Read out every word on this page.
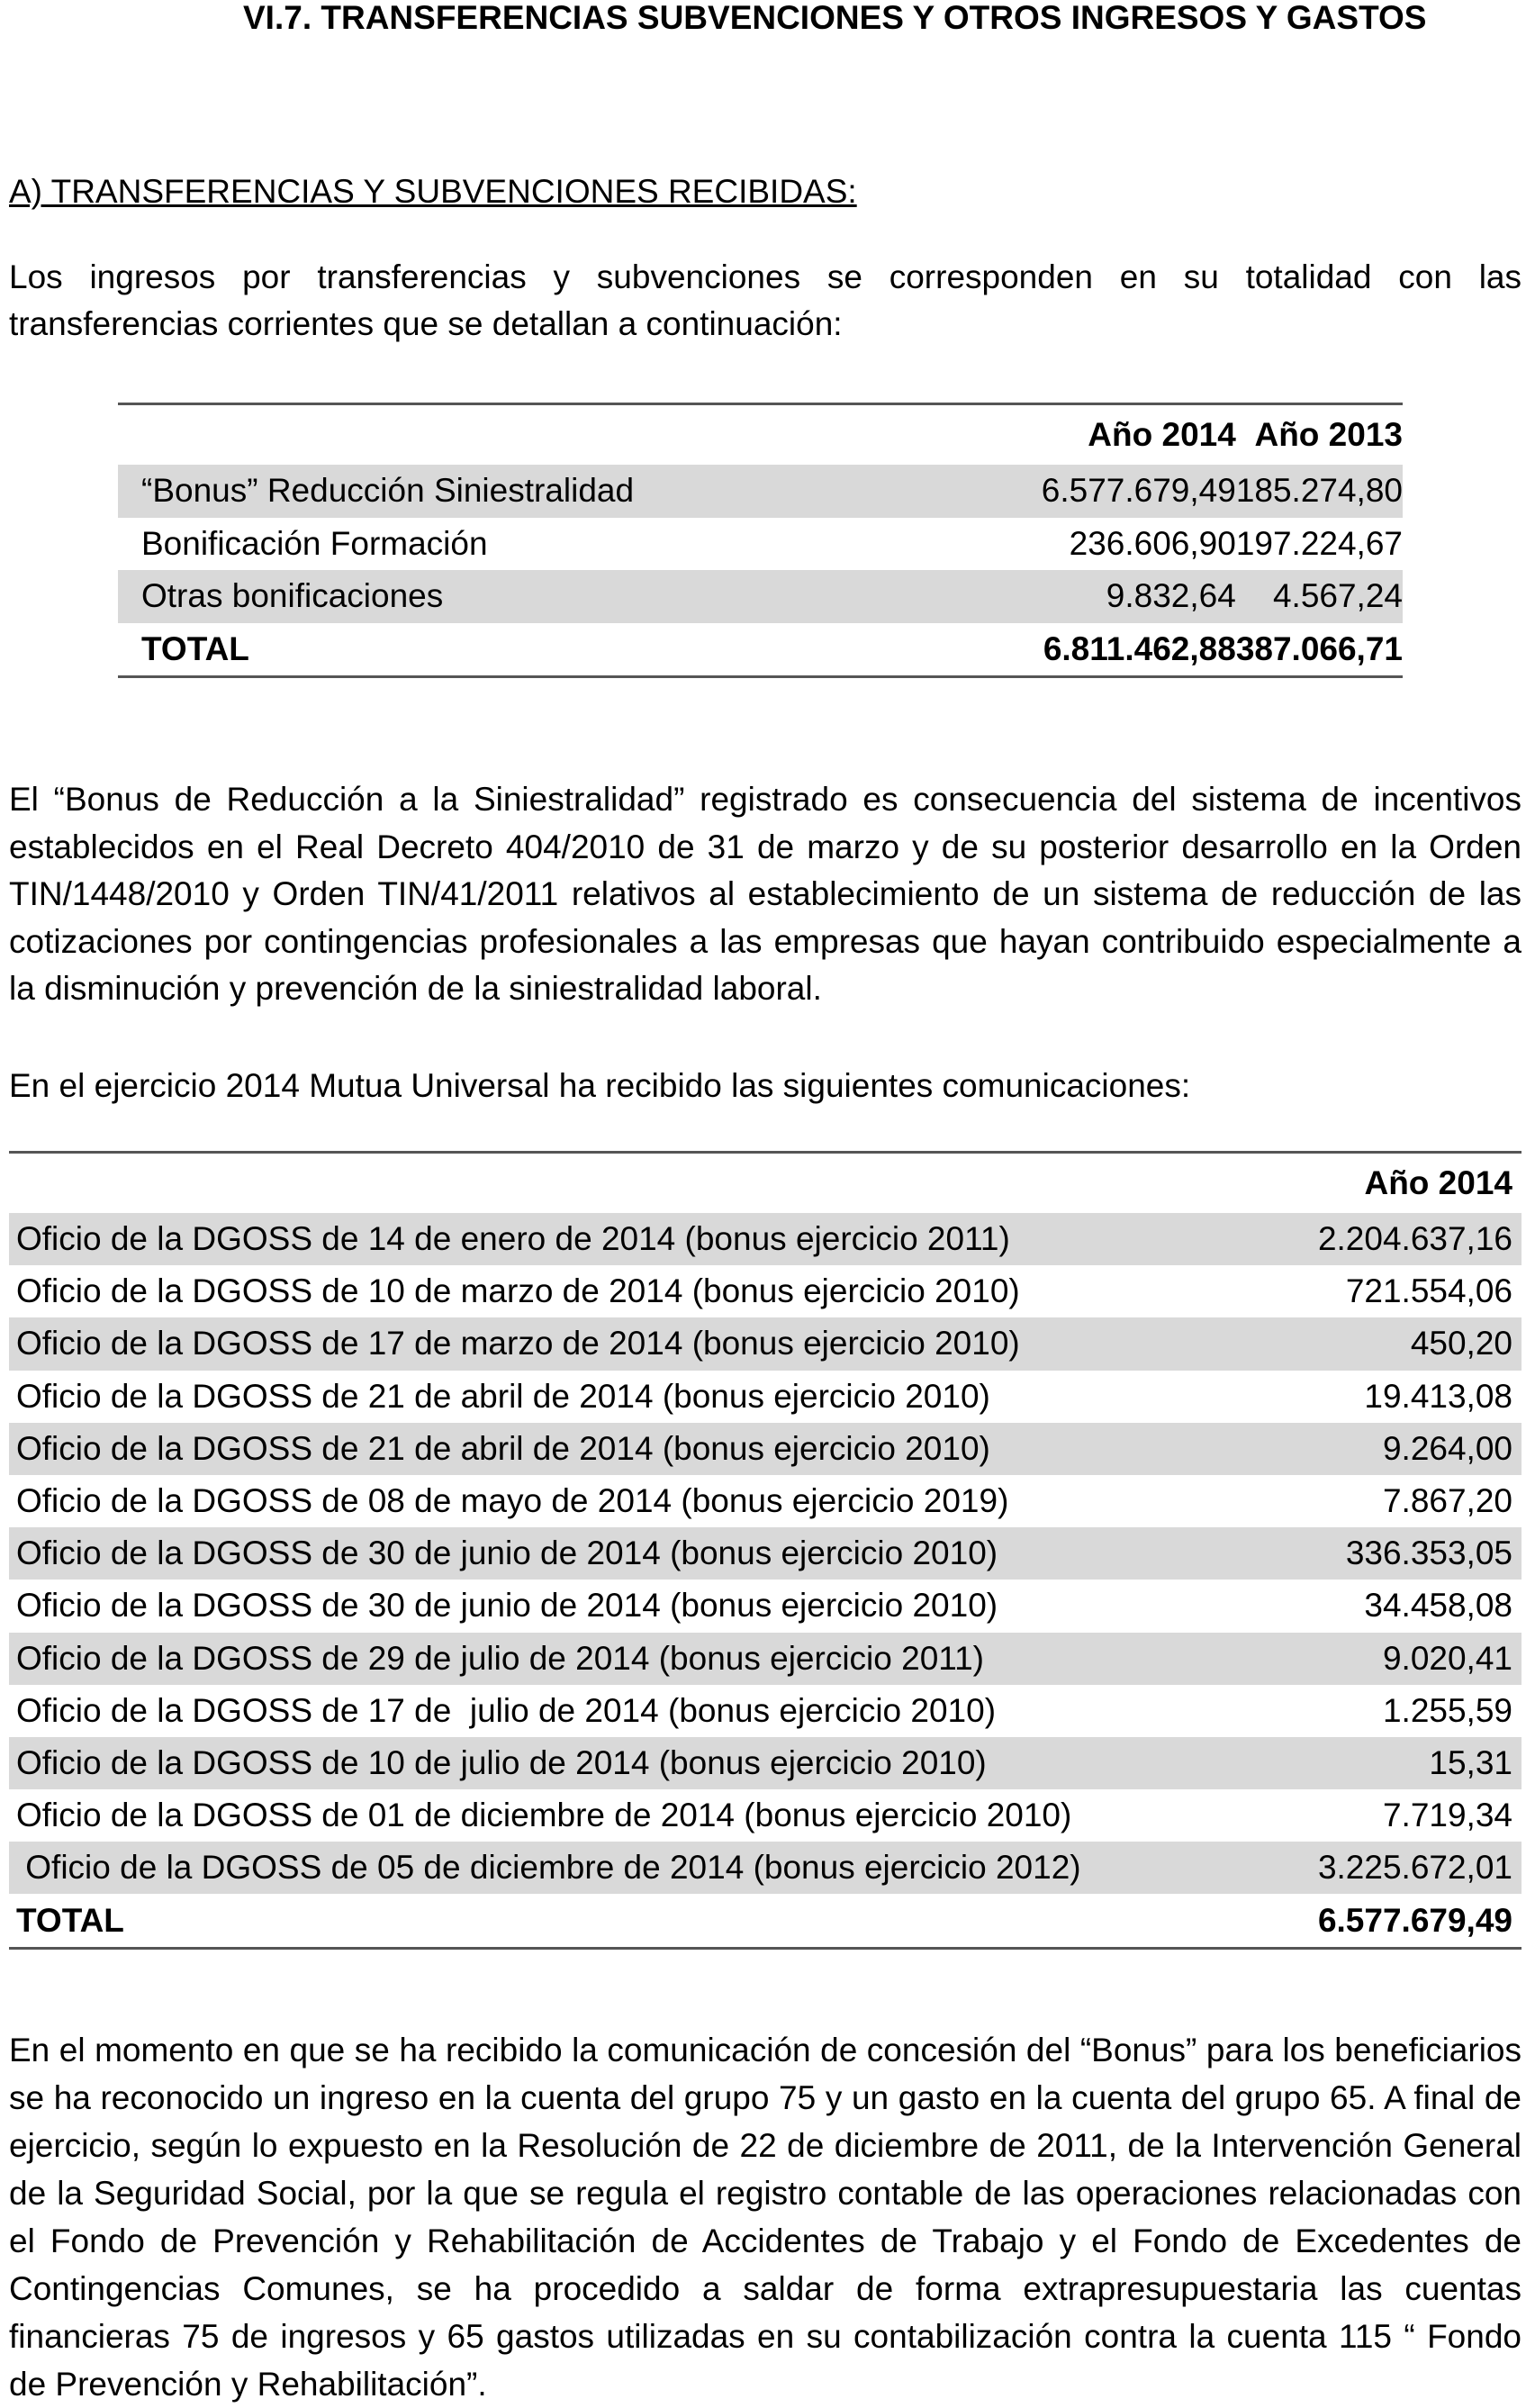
VI.7. TRANSFERENCIAS SUBVENCIONES Y OTROS INGRESOS Y GASTOS
A) TRANSFERENCIAS Y SUBVENCIONES RECIBIDAS:
Los ingresos por transferencias y subvenciones se corresponden en su totalidad con las transferencias corrientes que se detallan a continuación:
	Año 2014	Año 2013
“Bonus” Reducción Siniestralidad	6.577.679,49	185.274,80
Bonificación Formación	236.606,90	197.224,67
Otras bonificaciones	9.832,64	4.567,24
TOTAL	6.811.462,88	387.066,71
El “Bonus de Reducción a la Siniestralidad” registrado es consecuencia del sistema de incentivos establecidos en el Real Decreto 404/2010 de 31 de marzo y de su posterior desarrollo en la Orden TIN/1448/2010 y Orden TIN/41/2011 relativos al establecimiento de un sistema de reducción de las cotizaciones por contingencias profesionales a las empresas que hayan contribuido especialmente a la disminución y prevención de la siniestralidad laboral.
En el ejercicio 2014 Mutua Universal ha recibido las siguientes comunicaciones:
	Año 2014
Oficio de la DGOSS de 14 de enero de 2014 (bonus ejercicio 2011)	2.204.637,16
Oficio de la DGOSS de 10 de marzo de 2014 (bonus ejercicio 2010)	721.554,06
Oficio de la DGOSS de 17 de marzo de 2014 (bonus ejercicio 2010)	450,20
Oficio de la DGOSS de 21 de abril de 2014 (bonus ejercicio 2010)	19.413,08
Oficio de la DGOSS de 21 de abril de 2014 (bonus ejercicio 2010)	9.264,00
Oficio de la DGOSS de 08 de mayo de 2014 (bonus ejercicio 2019)	7.867,20
Oficio de la DGOSS de 30 de junio de 2014 (bonus ejercicio 2010)	336.353,05
Oficio de la DGOSS de 30 de junio de 2014 (bonus ejercicio 2010)	34.458,08
Oficio de la DGOSS de 29 de julio de 2014 (bonus ejercicio 2011)	9.020,41
Oficio de la DGOSS de 17 de  julio de 2014 (bonus ejercicio 2010)	1.255,59
Oficio de la DGOSS de 10 de julio de 2014 (bonus ejercicio 2010)	15,31
Oficio de la DGOSS de 01 de diciembre de 2014 (bonus ejercicio 2010)	7.719,34
Oficio de la DGOSS de 05 de diciembre de 2014 (bonus ejercicio 2012)	3.225.672,01
TOTAL	6.577.679,49
En el momento en que se ha recibido la comunicación de concesión del “Bonus” para los beneficiarios se ha reconocido un ingreso en la cuenta del grupo 75 y un gasto en la cuenta del grupo 65. A final de ejercicio, según lo expuesto en la Resolución de 22 de diciembre de 2011, de la Intervención General de la Seguridad Social, por la que se regula el registro contable de las operaciones relacionadas con el Fondo de Prevención y Rehabilitación de Accidentes de Trabajo y el Fondo de Excedentes de Contingencias Comunes, se ha procedido a saldar de forma extrapresupuestaria las cuentas financieras 75 de ingresos y 65 gastos utilizadas en su contabilización contra la cuenta 115 “ Fondo de Prevención y Rehabilitación”.
